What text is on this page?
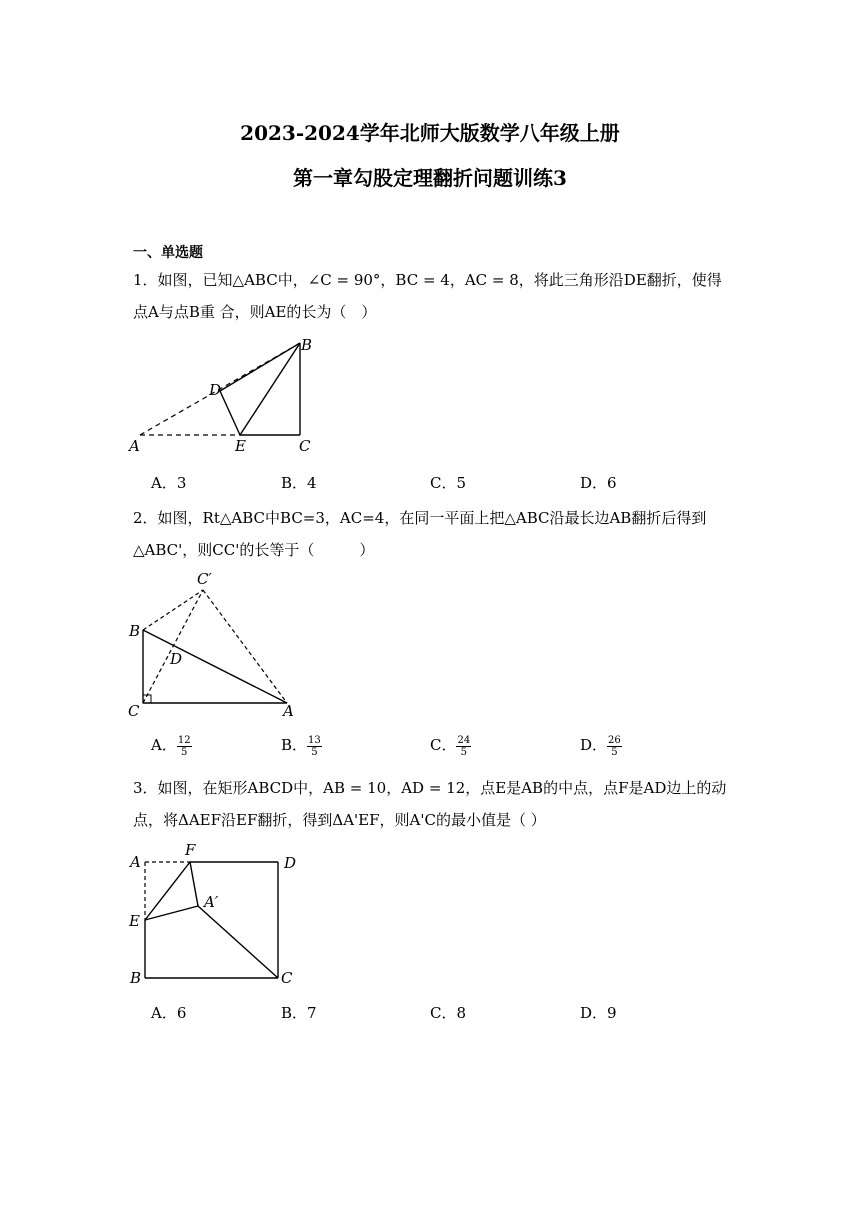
2023-2024学年北师大版数学八年级上册
第一章勾股定理翻折问题训练3
一、单选题
1．如图，已知△ABC中，∠C = 90°，BC = 4，AC = 8，将此三角形沿DE翻折，使得点A与点B重 合，则AE的长为（　）
A
B
C
D
E
A．3	B．4	C．5	D．6
2．如图，Rt△ABC中BC=3，AC=4，在同一平面上把△ABC沿最长边AB翻折后得到△ABC'，则CC'的长等于（　　　）
C′
B
D
C	A
A． $\frac{12}{5}$	B． $\frac{13}{5}$	C． $\frac{24}{5}$	D． $\frac{26}{5}$
3．如图，在矩形ABCD中，AB = 10，AD = 12，点E是AB的中点，点F是AD边上的动点，将ΔAEF沿EF翻折，得到ΔA'EF，则A'C的最小值是（ ）
A
F
D
A′
E
B	C
A．6	B．7	C．8	D．9
